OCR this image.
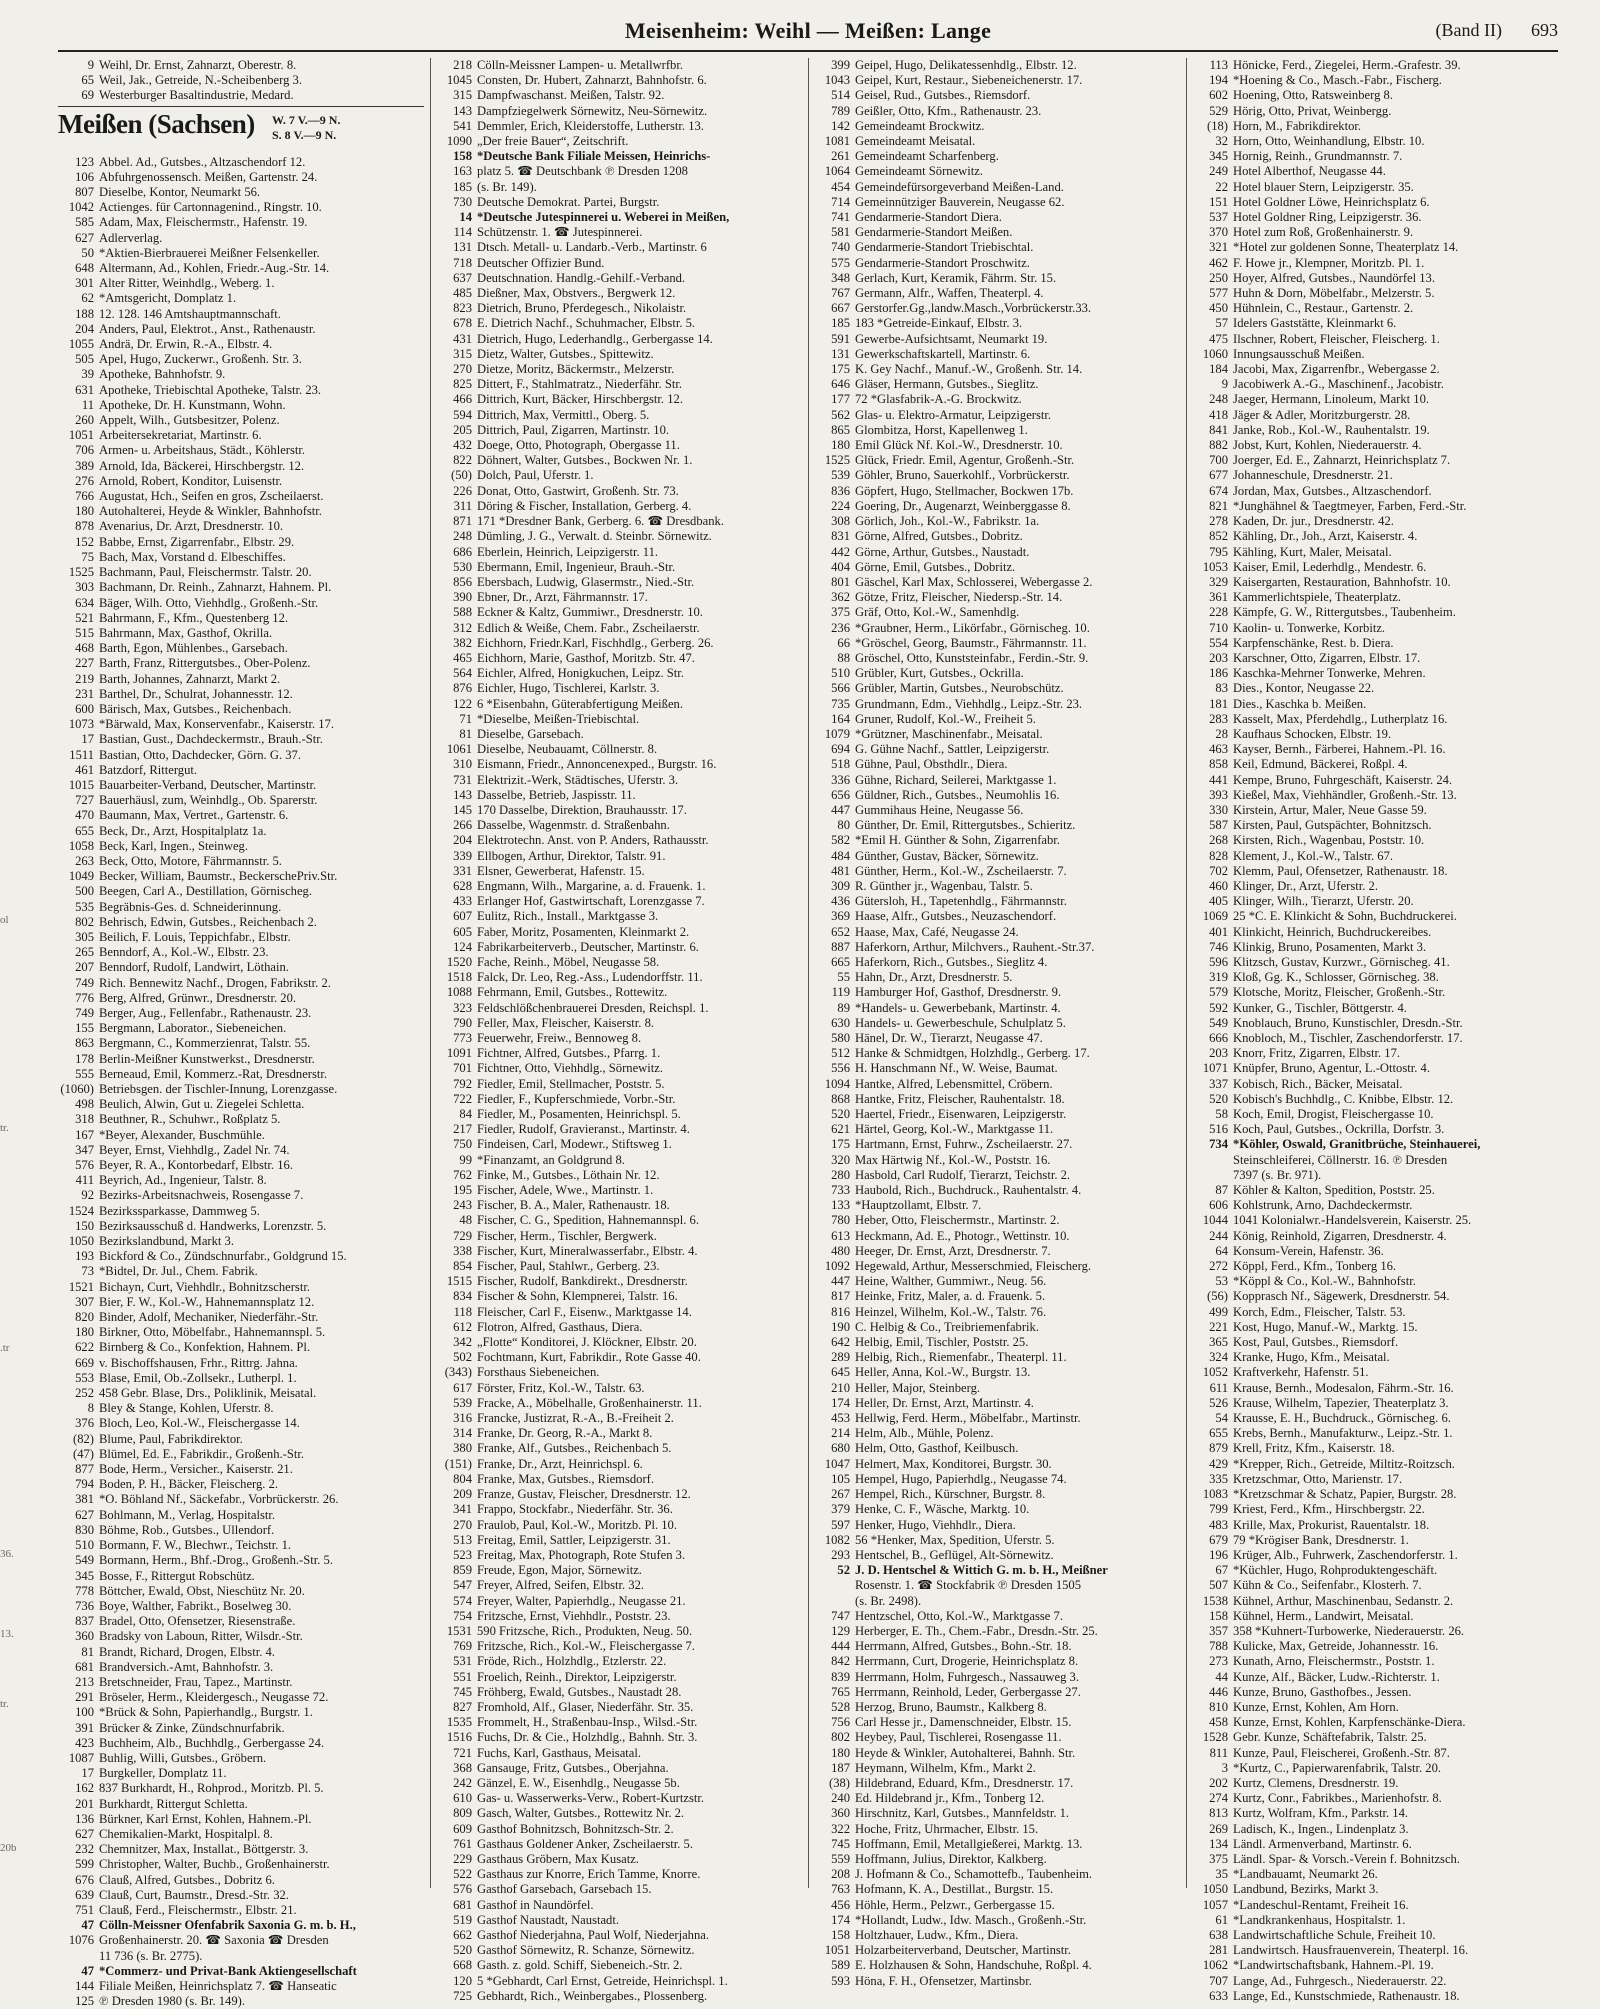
Meisenheim: Weihl — Meißen: Lange	(Band II) 693
ol
tr.
.tr
36.
13.
tr.
20b
9 Weihl, Dr. Ernst, Zahnarzt, Oberestr. 8.
65 Weil, Jak., Getreide, N.-Scheibenberg 3.
69 Westerburger Basaltindustrie, Medard.
Meißen (Sachsen) W. 7 V.—9 N.
S. 8 V.—9 N.
123 Abbel. Ad., Gutsbes., Altzaschendorf 12.
106 Abfuhrgenossensch. Meißen, Gartenstr. 24.
807 Dieselbe, Kontor, Neumarkt 56.
1042 Actienges. für Cartonnagenind., Ringstr. 10.
585 Adam, Max, Fleischermstr., Hafenstr. 19.
627 Adlerverlag.
50 *Aktien-Bierbrauerei Meißner Felsenkeller.
648 Altermann, Ad., Kohlen, Friedr.-Aug.-Str. 14.
301 Alter Ritter, Weinhdlg., Weberg. 1.
62 *Amtsgericht, Domplatz 1.
188 12. 128. 146 Amtshauptmannschaft.
204 Anders, Paul, Elektrot., Anst., Rathenaustr.
1055 Andrä, Dr. Erwin, R.-A., Elbstr. 4.
505 Apel, Hugo, Zuckerwr., Großenh. Str. 3.
39 Apotheke, Bahnhofstr. 9.
631 Apotheke, Triebischtal Apotheke, Talstr. 23.
11 Apotheke, Dr. H. Kunstmann, Wohn.
260 Appelt, Wilh., Gutsbesitzer, Polenz.
1051 Arbeitersekretariat, Martinstr. 6.
706 Armen- u. Arbeitshaus, Städt., Köhlerstr.
389 Arnold, Ida, Bäckerei, Hirschbergstr. 12.
276 Arnold, Robert, Konditor, Luisenstr.
766 Augustat, Hch., Seifen en gros, Zscheilaerst.
180 Autohalterei, Heyde & Winkler, Bahnhofstr.
878 Avenarius, Dr. Arzt, Dresdnerstr. 10.
152 Babbe, Ernst, Zigarrenfabr., Elbstr. 29.
75 Bach, Max, Vorstand d. Elbeschiffes.
1525 Bachmann, Paul, Fleischermstr. Talstr. 20.
303 Bachmann, Dr. Reinh., Zahnarzt, Hahnem. Pl.
634 Bäger, Wilh. Otto, Viehhdlg., Großenh.-Str.
521 Bahrmann, F., Kfm., Questenberg 12.
515 Bahrmann, Max, Gasthof, Okrilla.
468 Barth, Egon, Mühlenbes., Garsebach.
227 Barth, Franz, Rittergutsbes., Ober-Polenz.
219 Barth, Johannes, Zahnarzt, Markt 2.
231 Barthel, Dr., Schulrat, Johannesstr. 12.
600 Bärisch, Max, Gutsbes., Reichenbach.
1073 *Bärwald, Max, Konservenfabr., Kaiserstr. 17.
17 Bastian, Gust., Dachdeckermstr., Brauh.-Str.
1511 Bastian, Otto, Dachdecker, Görn. G. 37.
461 Batzdorf, Rittergut.
1015 Bauarbeiter-Verband, Deutscher, Martinstr.
727 Bauerhäusl, zum, Weinhdlg., Ob. Sparerstr.
470 Baumann, Max, Vertret., Gartenstr. 6.
655 Beck, Dr., Arzt, Hospitalplatz 1a.
1058 Beck, Karl, Ingen., Steinweg.
263 Beck, Otto, Motore, Fährmannstr. 5.
1049 Becker, William, Baumstr., BeckerschePriv.Str.
500 Beegen, Carl A., Destillation, Görnischeg.
535 Begräbnis-Ges. d. Schneiderinnung.
802 Behrisch, Edwin, Gutsbes., Reichenbach 2.
305 Beilich, F. Louis, Teppichfabr., Elbstr.
265 Benndorf, A., Kol.-W., Elbstr. 23.
207 Benndorf, Rudolf, Landwirt, Löthain.
749 Rich. Bennewitz Nachf., Drogen, Fabrikstr. 2.
776 Berg, Alfred, Grünwr., Dresdnerstr. 20.
749 Berger, Aug., Fellenfabr., Rathenaustr. 23.
155 Bergmann, Laborator., Siebeneichen.
863 Bergmann, C., Kommerzienrat, Talstr. 55.
178 Berlin-Meißner Kunstwerkst., Dresdnerstr.
555 Berneaud, Emil, Kommerz.-Rat, Dresdnerstr.
(1060) Betriebsgen. der Tischler-Innung, Lorenzgasse.
498 Beulich, Alwin, Gut u. Ziegelei Schletta.
318 Beuthner, R., Schuhwr., Roßplatz 5.
167 *Beyer, Alexander, Buschmühle.
347 Beyer, Ernst, Viehhdlg., Zadel Nr. 74.
576 Beyer, R. A., Kontorbedarf, Elbstr. 16.
411 Beyrich, Ad., Ingenieur, Talstr. 8.
92 Bezirks-Arbeitsnachweis, Rosengasse 7.
1524 Bezirkssparkasse, Dammweg 5.
150 Bezirksausschuß d. Handwerks, Lorenzstr. 5.
1050 Bezirkslandbund, Markt 3.
193 Bickford & Co., Zündschnurfabr., Goldgrund 15.
73 *Bidtel, Dr. Jul., Chem. Fabrik.
1521 Bichayn, Curt, Viehhdlr., Bohnitzscherstr.
307 Bier, F. W., Kol.-W., Hahnemannsplatz 12.
820 Binder, Adolf, Mechaniker, Niederfähr.-Str.
180 Birkner, Otto, Möbelfabr., Hahnemannspl. 5.
622 Birnberg & Co., Konfektion, Hahnem. Pl.
669 v. Bischoffshausen, Frhr., Rittrg. Jahna.
553 Blase, Emil, Ob.-Zollsekr., Lutherpl. 1.
252 458 Gebr. Blase, Drs., Poliklinik, Meisatal.
8 Bley & Stange, Kohlen, Uferstr. 8.
376 Bloch, Leo, Kol.-W., Fleischergasse 14.
(82) Blume, Paul, Fabrikdirektor.
(47) Blümel, Ed. E., Fabrikdir., Großenh.-Str.
877 Bode, Herm., Versicher., Kaiserstr. 21.
794 Boden, P. H., Bäcker, Fleischerg. 2.
381 *O. Böhland Nf., Säckefabr., Vorbrückerstr. 26.
627 Bohlmann, M., Verlag, Hospitalstr.
830 Böhme, Rob., Gutsbes., Ullendorf.
510 Bormann, F. W., Blechwr., Teichstr. 1.
549 Bormann, Herm., Bhf.-Drog., Großenh.-Str. 5.
345 Bosse, F., Rittergut Robschütz.
778 Böttcher, Ewald, Obst, Nieschütz Nr. 20.
736 Boye, Walther, Fabrikt., Boselweg 30.
837 Bradel, Otto, Ofensetzer, Riesenstraße.
360 Bradsky von Laboun, Ritter, Wilsdr.-Str.
81 Brandt, Richard, Drogen, Elbstr. 4.
681 Brandversich.-Amt, Bahnhofstr. 3.
213 Bretschneider, Frau, Tapez., Martinstr.
291 Bröseler, Herm., Kleidergesch., Neugasse 72.
100 *Brück & Sohn, Papierhandlg., Burgstr. 1.
391 Brücker & Zinke, Zündschnurfabrik.
423 Buchheim, Alb., Buchhdlg., Gerbergasse 24.
1087 Buhlig, Willi, Gutsbes., Gröbern.
17 Burgkeller, Domplatz 11.
162 837 Burkhardt, H., Rohprod., Moritzb. Pl. 5.
201 Burkhardt, Rittergut Schletta.
136 Bürkner, Karl Ernst, Kohlen, Hahnem.-Pl.
627 Chemikalien-Markt, Hospitalpl. 8.
232 Chemnitzer, Max, Installat., Böttgerstr. 3.
599 Christopher, Walter, Buchb., Großenhainerstr.
676 Clauß, Alfred, Gutsbes., Dobritz 6.
639 Clauß, Curt, Baumstr., Dresd.-Str. 32.
751 Clauß, Ferd., Fleischermstr., Elbstr. 21.
47 Cölln-Meissner Ofenfabrik Saxonia G. m. b. H.,
1076 Großenhainerstr. 20. ☎ Saxonia ☎ Dresden
11 736 (s. Br. 2775).
47 *Commerz- und Privat-Bank Aktiengesellschaft
144 Filiale Meißen, Heinrichsplatz 7. ☎ Hanseatic
125 ℗ Dresden 1980 (s. Br. 149).
218 Cölln-Meissner Lampen- u. Metallwrfbr.
1045 Consten, Dr. Hubert, Zahnarzt, Bahnhofstr. 6.
315 Dampfwaschanst. Meißen, Talstr. 92.
143 Dampfziegelwerk Sörnewitz, Neu-Sörnewitz.
541 Demmler, Erich, Kleiderstoffe, Lutherstr. 13.
1090 „Der freie Bauer“, Zeitschrift.
158 *Deutsche Bank Filiale Meissen, Heinrichs-
163 platz 5. ☎ Deutschbank ℗ Dresden 1208
185 (s. Br. 149).
730 Deutsche Demokrat. Partei, Burgstr.
14 *Deutsche Jutespinnerei u. Weberei in Meißen,
114 Schützenstr. 1. ☎ Jutespinnerei.
131 Dtsch. Metall- u. Landarb.-Verb., Martinstr. 6
718 Deutscher Offizier Bund.
637 Deutschnation. Handlg.-Gehilf.-Verband.
485 Dießner, Max, Obstvers., Bergwerk 12.
823 Dietrich, Bruno, Pferdegesch., Nikolaistr.
678 E. Dietrich Nachf., Schuhmacher, Elbstr. 5.
431 Dietrich, Hugo, Lederhandlg., Gerbergasse 14.
315 Dietz, Walter, Gutsbes., Spittewitz.
270 Dietze, Moritz, Bäckermstr., Melzerstr.
825 Dittert, F., Stahlmatratz., Niederfähr. Str.
466 Dittrich, Kurt, Bäcker, Hirschbergstr. 12.
594 Dittrich, Max, Vermittl., Oberg. 5.
205 Dittrich, Paul, Zigarren, Martinstr. 10.
432 Doege, Otto, Photograph, Obergasse 11.
822 Döhnert, Walter, Gutsbes., Bockwen Nr. 1.
(50) Dolch, Paul, Uferstr. 1.
226 Donat, Otto, Gastwirt, Großenh. Str. 73.
311 Döring & Fischer, Installation, Gerberg. 4.
871 171 *Dresdner Bank, Gerberg. 6. ☎ Dresdbank.
248 Dümling, J. G., Verwalt. d. Steinbr. Sörnewitz.
686 Eberlein, Heinrich, Leipzigerstr. 11.
530 Ebermann, Emil, Ingenieur, Brauh.-Str.
856 Ebersbach, Ludwig, Glasermstr., Nied.-Str.
390 Ebner, Dr., Arzt, Fährmannstr. 17.
588 Eckner & Kaltz, Gummiwr., Dresdnerstr. 10.
312 Edlich & Weiße, Chem. Fabr., Zscheilaerstr.
382 Eichhorn, Friedr.Karl, Fischhdlg., Gerberg. 26.
465 Eichhorn, Marie, Gasthof, Moritzb. Str. 47.
564 Eichler, Alfred, Honigkuchen, Leipz. Str.
876 Eichler, Hugo, Tischlerei, Karlstr. 3.
122 6 *Eisenbahn, Güterabfertigung Meißen.
71 *Dieselbe, Meißen-Triebischtal.
81 Dieselbe, Garsebach.
1061 Dieselbe, Neubauamt, Cöllnerstr. 8.
310 Eismann, Friedr., Annoncenexped., Burgstr. 16.
731 Elektrizit.-Werk, Städtisches, Uferstr. 3.
143 Dasselbe, Betrieb, Jaspisstr. 11.
145 170 Dasselbe, Direktion, Brauhausstr. 17.
266 Dasselbe, Wagenmstr. d. Straßenbahn.
204 Elektrotechn. Anst. von P. Anders, Rathausstr.
339 Ellbogen, Arthur, Direktor, Talstr. 91.
331 Elsner, Gewerberat, Hafenstr. 15.
628 Engmann, Wilh., Margarine, a. d. Frauenk. 1.
433 Erlanger Hof, Gastwirtschaft, Lorenzgasse 7.
607 Eulitz, Rich., Install., Marktgasse 3.
605 Faber, Moritz, Posamenten, Kleinmarkt 2.
124 Fabrikarbeiterverb., Deutscher, Martinstr. 6.
1520 Fache, Reinh., Möbel, Neugasse 58.
1518 Falck, Dr. Leo, Reg.-Ass., Ludendorffstr. 11.
1088 Fehrmann, Emil, Gutsbes., Rottewitz.
323 Feldschlößchenbrauerei Dresden, Reichspl. 1.
790 Feller, Max, Fleischer, Kaiserstr. 8.
773 Feuerwehr, Freiw., Bennoweg 8.
1091 Fichtner, Alfred, Gutsbes., Pfarrg. 1.
701 Fichtner, Otto, Viehhdlg., Sörnewitz.
792 Fiedler, Emil, Stellmacher, Poststr. 5.
722 Fiedler, F., Kupferschmiede, Vorbr.-Str.
84 Fiedler, M., Posamenten, Heinrichspl. 5.
217 Fiedler, Rudolf, Gravieranst., Martinstr. 4.
750 Findeisen, Carl, Modewr., Stiftsweg 1.
99 *Finanzamt, an Goldgrund 8.
762 Finke, M., Gutsbes., Löthain Nr. 12.
195 Fischer, Adele, Wwe., Martinstr. 1.
243 Fischer, B. A., Maler, Rathenaustr. 18.
48 Fischer, C. G., Spedition, Hahnemannspl. 6.
729 Fischer, Herm., Tischler, Bergwerk.
338 Fischer, Kurt, Mineralwasserfabr., Elbstr. 4.
854 Fischer, Paul, Stahlwr., Gerberg. 23.
1515 Fischer, Rudolf, Bankdirekt., Dresdnerstr.
834 Fischer & Sohn, Klempnerei, Talstr. 16.
118 Fleischer, Carl F., Eisenw., Marktgasse 14.
612 Flotron, Alfred, Gasthaus, Diera.
342 „Flotte“ Konditorei, J. Klöckner, Elbstr. 20.
502 Fochtmann, Kurt, Fabrikdir., Rote Gasse 40.
(343) Forsthaus Siebeneichen.
617 Förster, Fritz, Kol.-W., Talstr. 63.
539 Fracke, A., Möbelhalle, Großenhainerstr. 11.
316 Francke, Justizrat, R.-A., B.-Freiheit 2.
314 Franke, Dr. Georg, R.-A., Markt 8.
380 Franke, Alf., Gutsbes., Reichenbach 5.
(151) Franke, Dr., Arzt, Heinrichspl. 6.
804 Franke, Max, Gutsbes., Riemsdorf.
209 Franze, Gustav, Fleischer, Dresdnerstr. 12.
341 Frappo, Stockfabr., Niederfähr. Str. 36.
270 Fraulob, Paul, Kol.-W., Moritzb. Pl. 10.
513 Freitag, Emil, Sattler, Leipzigerstr. 31.
523 Freitag, Max, Photograph, Rote Stufen 3.
859 Freude, Egon, Major, Sörnewitz.
547 Freyer, Alfred, Seifen, Elbstr. 32.
574 Freyer, Walter, Papierhdlg., Neugasse 21.
754 Fritzsche, Ernst, Viehhdlr., Poststr. 23.
1531 590 Fritzsche, Rich., Produkten, Neug. 50.
769 Fritzsche, Rich., Kol.-W., Fleischergasse 7.
531 Fröde, Rich., Holzhdlg., Etzlerstr. 22.
551 Froelich, Reinh., Direktor, Leipzigerstr.
745 Fröhberg, Ewald, Gutsbes., Naustadt 28.
827 Fromhold, Alf., Glaser, Niederfähr. Str. 35.
1535 Frommelt, H., Straßenbau-Insp., Wilsd.-Str.
1516 Fuchs, Dr. & Cie., Holzhdlg., Bahnh. Str. 3.
721 Fuchs, Karl, Gasthaus, Meisatal.
368 Gansauge, Fritz, Gutsbes., Oberjahna.
242 Gänzel, E. W., Eisenhdlg., Neugasse 5b.
610 Gas- u. Wasserwerks-Verw., Robert-Kurtzstr.
809 Gasch, Walter, Gutsbes., Rottewitz Nr. 2.
609 Gasthof Bohnitzsch, Bohnitzsch-Str. 2.
761 Gasthaus Goldener Anker, Zscheilaerstr. 5.
229 Gasthaus Gröbern, Max Kusatz.
522 Gasthaus zur Knorre, Erich Tamme, Knorre.
576 Gasthof Garsebach, Garsebach 15.
681 Gasthof in Naundörfel.
519 Gasthof Naustadt, Naustadt.
662 Gasthof Niederjahna, Paul Wolf, Niederjahna.
520 Gasthof Sörnewitz, R. Schanze, Sörnewitz.
668 Gasth. z. gold. Schiff, Siebeneich.-Str. 2.
120 5 *Gebhardt, Carl Ernst, Getreide, Heinrichspl. 1.
725 Gebhardt, Rich., Weinbergabes., Plossenberg.
399 Geipel, Hugo, Delikatessenhdlg., Elbstr. 12.
1043 Geipel, Kurt, Restaur., Siebeneichenerstr. 17.
514 Geisel, Rud., Gutsbes., Riemsdorf.
789 Geißler, Otto, Kfm., Rathenaustr. 23.
142 Gemeindeamt Brockwitz.
1081 Gemeindeamt Meisatal.
261 Gemeindeamt Scharfenberg.
1064 Gemeindeamt Sörnewitz.
454 Gemeindefürsorgeverband Meißen-Land.
714 Gemeinnütziger Bauverein, Neugasse 62.
741 Gendarmerie-Standort Diera.
581 Gendarmerie-Standort Meißen.
740 Gendarmerie-Standort Triebischtal.
575 Gendarmerie-Standort Proschwitz.
348 Gerlach, Kurt, Keramik, Fährm. Str. 15.
767 Germann, Alfr., Waffen, Theaterpl. 4.
667 Gerstorfer.Gg.,landw.Masch.,Vorbrückerstr.33.
185 183 *Getreide-Einkauf, Elbstr. 3.
591 Gewerbe-Aufsichtsamt, Neumarkt 19.
131 Gewerkschaftskartell, Martinstr. 6.
175 K. Gey Nachf., Manuf.-W., Großenh. Str. 14.
646 Gläser, Hermann, Gutsbes., Sieglitz.
177 72 *Glasfabrik-A.-G. Brockwitz.
562 Glas- u. Elektro-Armatur, Leipzigerstr.
865 Glombitza, Horst, Kapellenweg 1.
180 Emil Glück Nf. Kol.-W., Dresdnerstr. 10.
1525 Glück, Friedr. Emil, Agentur, Großenh.-Str.
539 Göhler, Bruno, Sauerkohlf., Vorbrückerstr.
836 Göpfert, Hugo, Stellmacher, Bockwen 17b.
224 Goering, Dr., Augenarzt, Weinberggasse 8.
308 Görlich, Joh., Kol.-W., Fabrikstr. 1a.
831 Görne, Alfred, Gutsbes., Dobritz.
442 Görne, Arthur, Gutsbes., Naustadt.
404 Görne, Emil, Gutsbes., Dobritz.
801 Gäschel, Karl Max, Schlosserei, Webergasse 2.
362 Götze, Fritz, Fleischer, Niedersp.-Str. 14.
375 Gräf, Otto, Kol.-W., Samenhdlg.
236 *Graubner, Herm., Likörfabr., Görnischeg. 10.
66 *Gröschel, Georg, Baumstr., Fährmannstr. 11.
88 Gröschel, Otto, Kunststeinfabr., Ferdin.-Str. 9.
510 Grübler, Kurt, Gutsbes., Ockrilla.
566 Grübler, Martin, Gutsbes., Neurobschütz.
735 Grundmann, Edm., Viehhdlg., Leipz.-Str. 23.
164 Gruner, Rudolf, Kol.-W., Freiheit 5.
1079 *Grützner, Maschinenfabr., Meisatal.
694 G. Gühne Nachf., Sattler, Leipzigerstr.
518 Gühne, Paul, Obsthdlr., Diera.
336 Gühne, Richard, Seilerei, Marktgasse 1.
656 Güldner, Rich., Gutsbes., Neumohlis 16.
447 Gummihaus Heine, Neugasse 56.
80 Günther, Dr. Emil, Rittergutsbes., Schieritz.
582 *Emil H. Günther & Sohn, Zigarrenfabr.
484 Günther, Gustav, Bäcker, Sörnewitz.
481 Günther, Herm., Kol.-W., Zscheilaerstr. 7.
309 R. Günther jr., Wagenbau, Talstr. 5.
436 Gütersloh, H., Tapetenhdlg., Fährmannstr.
369 Haase, Alfr., Gutsbes., Neuzaschendorf.
652 Haase, Max, Café, Neugasse 24.
887 Haferkorn, Arthur, Milchvers., Rauhent.-Str.37.
665 Haferkorn, Rich., Gutsbes., Sieglitz 4.
55 Hahn, Dr., Arzt, Dresdnerstr. 5.
119 Hamburger Hof, Gasthof, Dresdnerstr. 9.
89 *Handels- u. Gewerbebank, Martinstr. 4.
630 Handels- u. Gewerbeschule, Schulplatz 5.
580 Hänel, Dr. W., Tierarzt, Neugasse 47.
512 Hanke & Schmidtgen, Holzhdlg., Gerberg. 17.
556 H. Hanschmann Nf., W. Weise, Baumat.
1094 Hantke, Alfred, Lebensmittel, Cröbern.
868 Hantke, Fritz, Fleischer, Rauhentalstr. 18.
520 Haertel, Friedr., Eisenwaren, Leipzigerstr.
621 Härtel, Georg, Kol.-W., Marktgasse 11.
175 Hartmann, Ernst, Fuhrw., Zscheilaerstr. 27.
320 Max Härtwig Nf., Kol.-W., Poststr. 16.
280 Hasbold, Carl Rudolf, Tierarzt, Teichstr. 2.
733 Haubold, Rich., Buchdruck., Rauhentalstr. 4.
133 *Hauptzollamt, Elbstr. 7.
780 Heber, Otto, Fleischermstr., Martinstr. 2.
613 Heckmann, Ad. E., Photogr., Wettinstr. 10.
480 Heeger, Dr. Ernst, Arzt, Dresdnerstr. 7.
1092 Hegewald, Arthur, Messerschmied, Fleischerg.
447 Heine, Walther, Gummiwr., Neug. 56.
817 Heinke, Fritz, Maler, a. d. Frauenk. 5.
816 Heinzel, Wilhelm, Kol.-W., Talstr. 76.
190 C. Helbig & Co., Treibriemenfabrik.
642 Helbig, Emil, Tischler, Poststr. 25.
289 Helbig, Rich., Riemenfabr., Theaterpl. 11.
645 Heller, Anna, Kol.-W., Burgstr. 13.
210 Heller, Major, Steinberg.
174 Heller, Dr. Ernst, Arzt, Martinstr. 4.
453 Hellwig, Ferd. Herm., Möbelfabr., Martinstr.
214 Helm, Alb., Mühle, Polenz.
680 Helm, Otto, Gasthof, Keilbusch.
1047 Helmert, Max, Konditorei, Burgstr. 30.
105 Hempel, Hugo, Papierhdlg., Neugasse 74.
267 Hempel, Rich., Kürschner, Burgstr. 8.
379 Henke, C. F., Wäsche, Marktg. 10.
597 Henker, Hugo, Viehhdlr., Diera.
1082 56 *Henker, Max, Spedition, Uferstr. 5.
293 Hentschel, B., Geflügel, Alt-Sörnewitz.
52 J. D. Hentschel & Wittich G. m. b. H., Meißner
Rosenstr. 1. ☎ Stockfabrik ℗ Dresden 1505
(s. Br. 2498).
747 Hentzschel, Otto, Kol.-W., Marktgasse 7.
129 Herberger, E. Th., Chem.-Fabr., Dresdn.-Str. 25.
444 Herrmann, Alfred, Gutsbes., Bohn.-Str. 18.
842 Herrmann, Curt, Drogerie, Heinrichsplatz 8.
839 Herrmann, Holm, Fuhrgesch., Nassauweg 3.
765 Herrmann, Reinhold, Leder, Gerbergasse 27.
528 Herzog, Bruno, Baumstr., Kalkberg 8.
756 Carl Hesse jr., Damenschneider, Elbstr. 15.
802 Heybey, Paul, Tischlerei, Rosengasse 11.
180 Heyde & Winkler, Autohalterei, Bahnh. Str.
187 Heymann, Wilhelm, Kfm., Markt 2.
(38) Hildebrand, Eduard, Kfm., Dresdnerstr. 17.
240 Ed. Hildebrand jr., Kfm., Tonberg 12.
360 Hirschnitz, Karl, Gutsbes., Mannfeldstr. 1.
322 Hoche, Fritz, Uhrmacher, Elbstr. 15.
745 Hoffmann, Emil, Metallgießerei, Marktg. 13.
559 Hoffmann, Julius, Direktor, Kalkberg.
208 J. Hofmann & Co., Schamottefb., Taubenheim.
763 Hofmann, K. A., Destillat., Burgstr. 15.
456 Höhle, Herm., Pelzwr., Gerbergasse 15.
174 *Hollandt, Ludw., Idw. Masch., Großenh.-Str.
158 Holtzhauer, Ludw., Kfm., Diera.
1051 Holzarbeiterverband, Deutscher, Martinstr.
589 E. Holzhausen & Sohn, Handschuhe, Roßpl. 4.
593 Höna, F. H., Ofensetzer, Martinsbr.
113 Hönicke, Ferd., Ziegelei, Herm.-Grafestr. 39.
194 *Hoening & Co., Masch.-Fabr., Fischerg.
602 Hoening, Otto, Ratsweinberg 8.
529 Hörig, Otto, Privat, Weinbergg.
(18) Horn, M., Fabrikdirektor.
32 Horn, Otto, Weinhandlung, Elbstr. 10.
345 Hornig, Reinh., Grundmannstr. 7.
249 Hotel Alberthof, Neugasse 44.
22 Hotel blauer Stern, Leipzigerstr. 35.
151 Hotel Goldner Löwe, Heinrichsplatz 6.
537 Hotel Goldner Ring, Leipzigerstr. 36.
370 Hotel zum Roß, Großenhainerstr. 9.
321 *Hotel zur goldenen Sonne, Theaterplatz 14.
462 F. Howe jr., Klempner, Moritzb. Pl. 1.
250 Hoyer, Alfred, Gutsbes., Naundörfel 13.
577 Huhn & Dorn, Möbelfabr., Melzerstr. 5.
450 Hühnlein, C., Restaur., Gartenstr. 2.
57 Idelers Gaststätte, Kleinmarkt 6.
475 Ilschner, Robert, Fleischer, Fleischerg. 1.
1060 Innungsausschuß Meißen.
184 Jacobi, Max, Zigarrenfbr., Webergasse 2.
9 Jacobiwerk A.-G., Maschinenf., Jacobistr.
248 Jaeger, Hermann, Linoleum, Markt 10.
418 Jäger & Adler, Moritzburgerstr. 28.
841 Janke, Rob., Kol.-W., Rauhentalstr. 19.
882 Jobst, Kurt, Kohlen, Niederauerstr. 4.
700 Joerger, Ed. E., Zahnarzt, Heinrichsplatz 7.
677 Johanneschule, Dresdnerstr. 21.
674 Jordan, Max, Gutsbes., Altzaschendorf.
821 *Junghähnel & Taegtmeyer, Farben, Ferd.-Str.
278 Kaden, Dr. jur., Dresdnerstr. 42.
852 Kähling, Dr., Joh., Arzt, Kaiserstr. 4.
795 Kähling, Kurt, Maler, Meisatal.
1053 Kaiser, Emil, Lederhdlg., Mendestr. 6.
329 Kaisergarten, Restauration, Bahnhofstr. 10.
361 Kammerlichtspiele, Theaterplatz.
228 Kämpfe, G. W., Rittergutsbes., Taubenheim.
710 Kaolin- u. Tonwerke, Korbitz.
554 Karpfenschänke, Rest. b. Diera.
203 Karschner, Otto, Zigarren, Elbstr. 17.
186 Kaschka-Mehrner Tonwerke, Mehren.
83 Dies., Kontor, Neugasse 22.
181 Dies., Kaschka b. Meißen.
283 Kasselt, Max, Pferdehdlg., Lutherplatz 16.
28 Kaufhaus Schocken, Elbstr. 19.
463 Kayser, Bernh., Färberei, Hahnem.-Pl. 16.
858 Keil, Edmund, Bäckerei, Roßpl. 4.
441 Kempe, Bruno, Fuhrgeschäft, Kaiserstr. 24.
393 Kießel, Max, Viehhändler, Großenh.-Str. 13.
330 Kirstein, Artur, Maler, Neue Gasse 59.
587 Kirsten, Paul, Gutspächter, Bohnitzsch.
268 Kirsten, Rich., Wagenbau, Poststr. 10.
828 Klement, J., Kol.-W., Talstr. 67.
702 Klemm, Paul, Ofensetzer, Rathenaustr. 18.
460 Klinger, Dr., Arzt, Uferstr. 2.
405 Klinger, Wilh., Tierarzt, Uferstr. 20.
1069 25 *C. E. Klinkicht & Sohn, Buchdruckerei.
401 Klinkicht, Heinrich, Buchdruckereibes.
746 Klinkig, Bruno, Posamenten, Markt 3.
596 Klitzsch, Gustav, Kurzwr., Görnischeg. 41.
319 Kloß, Gg. K., Schlosser, Görnischeg. 38.
579 Klotsche, Moritz, Fleischer, Großenh.-Str.
592 Kunker, G., Tischler, Böttgerstr. 4.
549 Knoblauch, Bruno, Kunstischler, Dresdn.-Str.
666 Knobloch, M., Tischler, Zaschendorferstr. 17.
203 Knorr, Fritz, Zigarren, Elbstr. 17.
1071 Knüpfer, Bruno, Agentur, L.-Ottostr. 4.
337 Kobisch, Rich., Bäcker, Meisatal.
520 Kobisch's Buchhdlg., C. Knibbe, Elbstr. 12.
58 Koch, Emil, Drogist, Fleischergasse 10.
516 Koch, Paul, Gutsbes., Ockrilla, Dorfstr. 3.
734 *Köhler, Oswald, Granitbrüche, Steinhauerei,
Steinschleiferei, Cöllnerstr. 16. ℗ Dresden
7397 (s. Br. 971).
87 Köhler & Kalton, Spedition, Poststr. 25.
606 Kohlstrunk, Arno, Dachdeckermstr.
1044 1041 Kolonialwr.-Handelsverein, Kaiserstr. 25.
244 König, Reinhold, Zigarren, Dresdnerstr. 4.
64 Konsum-Verein, Hafenstr. 36.
272 Köppl, Ferd., Kfm., Tonberg 16.
53 *Köppl & Co., Kol.-W., Bahnhofstr.
(56) Kopprasch Nf., Sägewerk, Dresdnerstr. 54.
499 Korch, Edm., Fleischer, Talstr. 53.
221 Kost, Hugo, Manuf.-W., Marktg. 15.
365 Kost, Paul, Gutsbes., Riemsdorf.
324 Kranke, Hugo, Kfm., Meisatal.
1052 Kraftverkehr, Hafenstr. 51.
611 Krause, Bernh., Modesalon, Fährm.-Str. 16.
526 Krause, Wilhelm, Tapezier, Theaterplatz 3.
54 Krausse, E. H., Buchdruck., Görnischeg. 6.
655 Krebs, Bernh., Manufakturw., Leipz.-Str. 1.
879 Krell, Fritz, Kfm., Kaiserstr. 18.
429 *Krepper, Rich., Getreide, Miltitz-Roitzsch.
335 Kretzschmar, Otto, Marienstr. 17.
1083 *Kretzschmar & Schatz, Papier, Burgstr. 28.
799 Kriest, Ferd., Kfm., Hirschbergstr. 22.
483 Krille, Max, Prokurist, Rauentalstr. 18.
679 79 *Krögiser Bank, Dresdnerstr. 1.
196 Krüger, Alb., Fuhrwerk, Zaschendorferstr. 1.
67 *Küchler, Hugo, Rohproduktengeschäft.
507 Kühn & Co., Seifenfabr., Klosterh. 7.
1538 Kühnel, Arthur, Maschinenbau, Sedanstr. 2.
158 Kühnel, Herm., Landwirt, Meisatal.
357 358 *Kuhnert-Turbowerke, Niederauerstr. 26.
788 Kulicke, Max, Getreide, Johannesstr. 16.
273 Kunath, Arno, Fleischermstr., Poststr. 1.
44 Kunze, Alf., Bäcker, Ludw.-Richterstr. 1.
446 Kunze, Bruno, Gasthofbes., Jessen.
810 Kunze, Ernst, Kohlen, Am Horn.
458 Kunze, Ernst, Kohlen, Karpfenschänke-Diera.
1528 Gebr. Kunze, Schäftefabrik, Talstr. 25.
811 Kunze, Paul, Fleischerei, Großenh.-Str. 87.
3 *Kurtz, C., Papierwarenfabrik, Talstr. 20.
202 Kurtz, Clemens, Dresdnerstr. 19.
274 Kurtz, Conr., Fabrikbes., Marienhofstr. 8.
813 Kurtz, Wolfram, Kfm., Parkstr. 14.
269 Ladisch, K., Ingen., Lindenplatz 3.
134 Ländl. Armenverband, Martinstr. 6.
375 Ländl. Spar- & Vorsch.-Verein f. Bohnitzsch.
35 *Landbauamt, Neumarkt 26.
1050 Landbund, Bezirks, Markt 3.
1057 *Landeschul-Rentamt, Freiheit 16.
61 *Landkrankenhaus, Hospitalstr. 1.
638 Landwirtschaftliche Schule, Freiheit 10.
281 Landwirtsch. Hausfrauenverein, Theaterpl. 16.
1062 *Landwirtschaftsbank, Hahnem.-Pl. 19.
707 Lange, Ad., Fuhrgesch., Niederauerstr. 22.
633 Lange, Ed., Kunstschmiede, Rathenaustr. 18.
